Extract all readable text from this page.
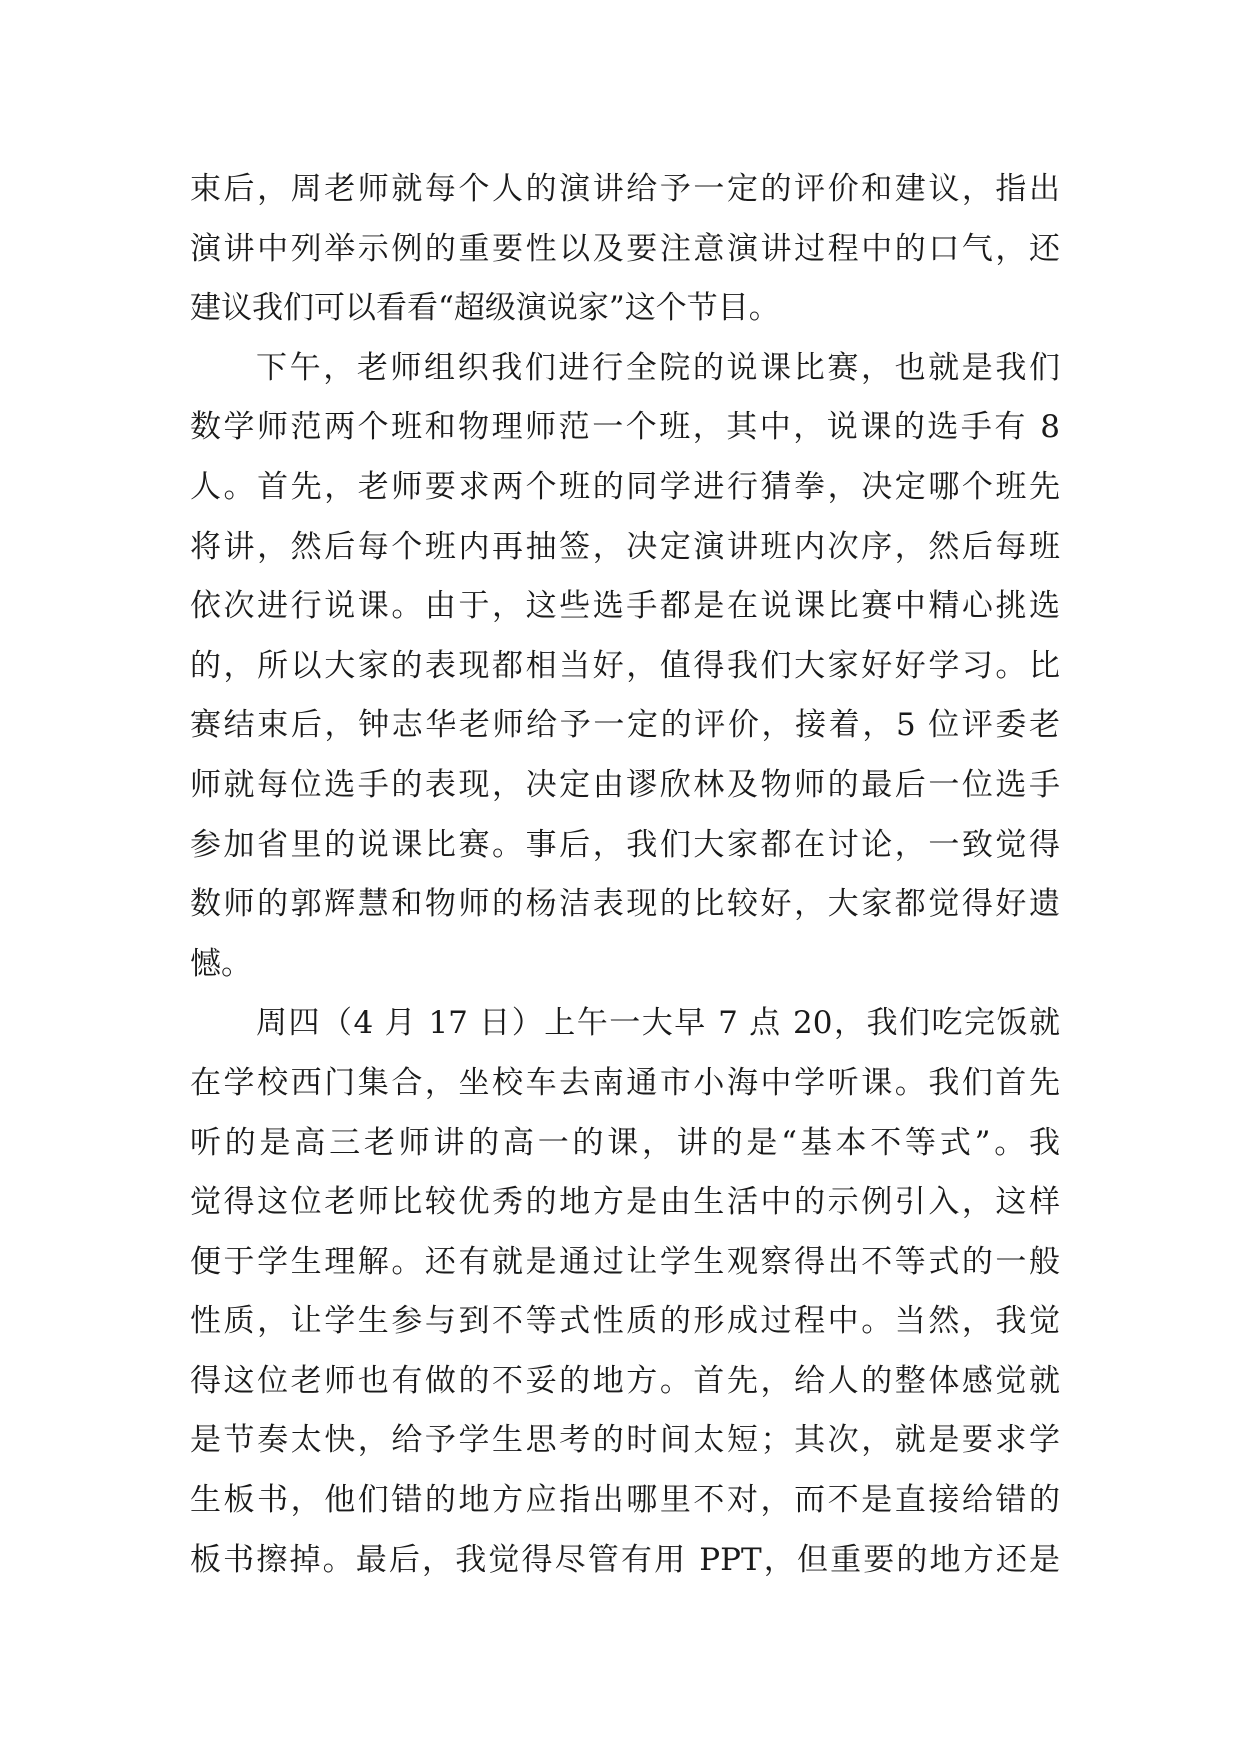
束后，周老师就每个人的演讲给予一定的评价和建议，指出
演讲中列举示例的重要性以及要注意演讲过程中的口气，还
建议我们可以看看“超级演说家”这个节目。
下午，老师组织我们进行全院的说课比赛，也就是我们
数学师范两个班和物理师范一个班，其中，说课的选手有 8
人。首先，老师要求两个班的同学进行猜拳，决定哪个班先
将讲，然后每个班内再抽签，决定演讲班内次序，然后每班
依次进行说课。由于，这些选手都是在说课比赛中精心挑选
的，所以大家的表现都相当好，值得我们大家好好学习。比
赛结束后，钟志华老师给予一定的评价，接着，5 位评委老
师就每位选手的表现，决定由谬欣林及物师的最后一位选手
参加省里的说课比赛。事后，我们大家都在讨论，一致觉得
数师的郭辉慧和物师的杨洁表现的比较好，大家都觉得好遗
憾。
周四（4 月 17 日）上午一大早 7 点 20，我们吃完饭就
在学校西门集合，坐校车去南通市小海中学听课。我们首先
听的是高三老师讲的高一的课，讲的是“基本不等式”。我
觉得这位老师比较优秀的地方是由生活中的示例引入，这样
便于学生理解。还有就是通过让学生观察得出不等式的一般
性质，让学生参与到不等式性质的形成过程中。当然，我觉
得这位老师也有做的不妥的地方。首先，给人的整体感觉就
是节奏太快，给予学生思考的时间太短；其次，就是要求学
生板书，他们错的地方应指出哪里不对，而不是直接给错的
板书擦掉。最后，我觉得尽管有用 PPT，但重要的地方还是
